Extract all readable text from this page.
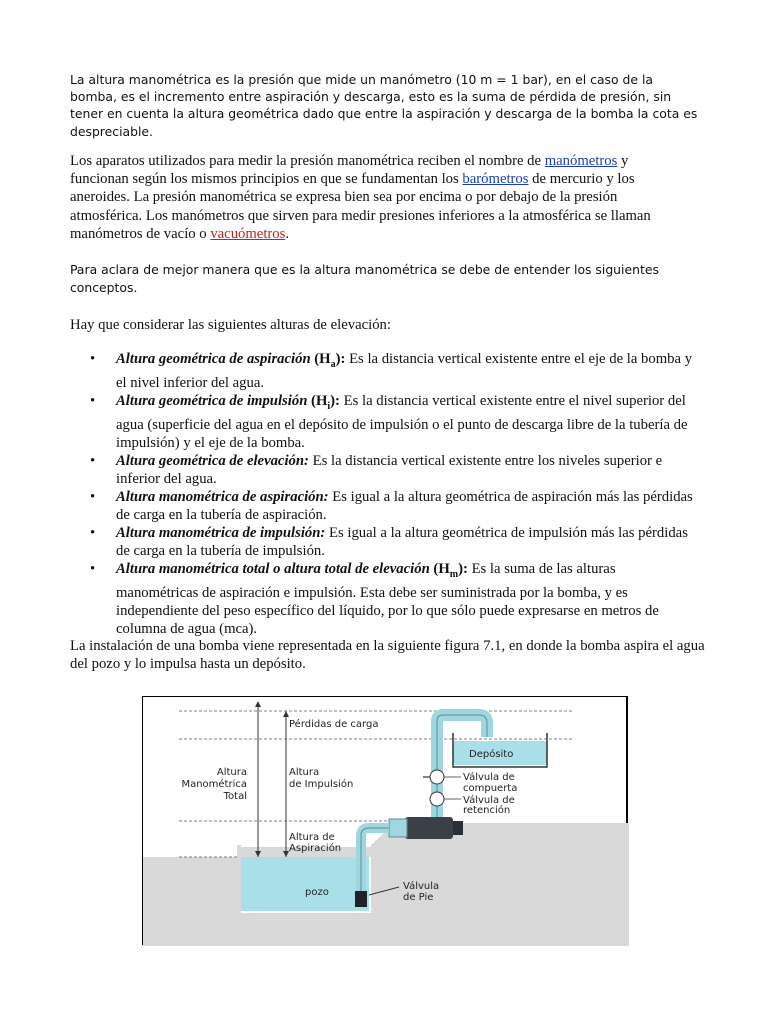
La altura manométrica es la presión que mide un manómetro (10 m = 1 bar), en el caso de la bomba, es el incremento entre aspiración y descarga, esto es la suma de pérdida de presión, sin tener en cuenta la altura geométrica dado que entre la aspiración y descarga de la bomba la cota es despreciable.

Los aparatos utilizados para medir la presión manométrica reciben el nombre de manómetros y funcionan según los mismos principios en que se fundamentan los barómetros de mercurio y los aneroides. La presión manométrica se expresa bien sea por encima o por debajo de la presión atmosférica. Los manómetros que sirven para medir presiones inferiores a la atmosférica se llaman manómetros de vacío o vacuómetros.

Para aclara de mejor manera que es la altura manométrica se debe de entender los siguientes conceptos.

Hay que considerar las siguientes alturas de elevación:

• Altura geométrica de aspiración $(H_a)$: Es la distancia vertical existente entre el eje de la bomba y el nivel inferior del agua.
• Altura geométrica de impulsión $(H_i)$: Es la distancia vertical existente entre el nivel superior del agua (superficie del agua en el depósito de impulsión o el punto de descarga libre de la tubería de impulsión) y el eje de la bomba.
• Altura geométrica de elevación: Es la distancia vertical existente entre los niveles superior e inferior del agua.
• Altura manométrica de aspiración: Es igual a la altura geométrica de aspiración más las pérdidas de carga en la tubería de aspiración.
• Altura manométrica de impulsión: Es igual a la altura geométrica de impulsión más las pérdidas de carga en la tubería de impulsión.
• Altura manométrica total o altura total de elevación $(H_m)$: Es la suma de las alturas manométricas de aspiración e impulsión. Esta debe ser suministrada por la bomba, y es independiente del peso específico del líquido, por lo que sólo puede expresarse en metros de columna de agua (mca).

La instalación de una bomba viene representada en la siguiente figura 7.1, en donde la bomba aspira el agua del pozo y lo impulsa hasta un depósito.

Pérdidas de carga
Altura
Manométrica
Total
Altura
de Impulsión
Altura de
Aspiración
Depósito
Válvula de
compuerta
Válvula de
retención
pozo
Válvula
de Pie
